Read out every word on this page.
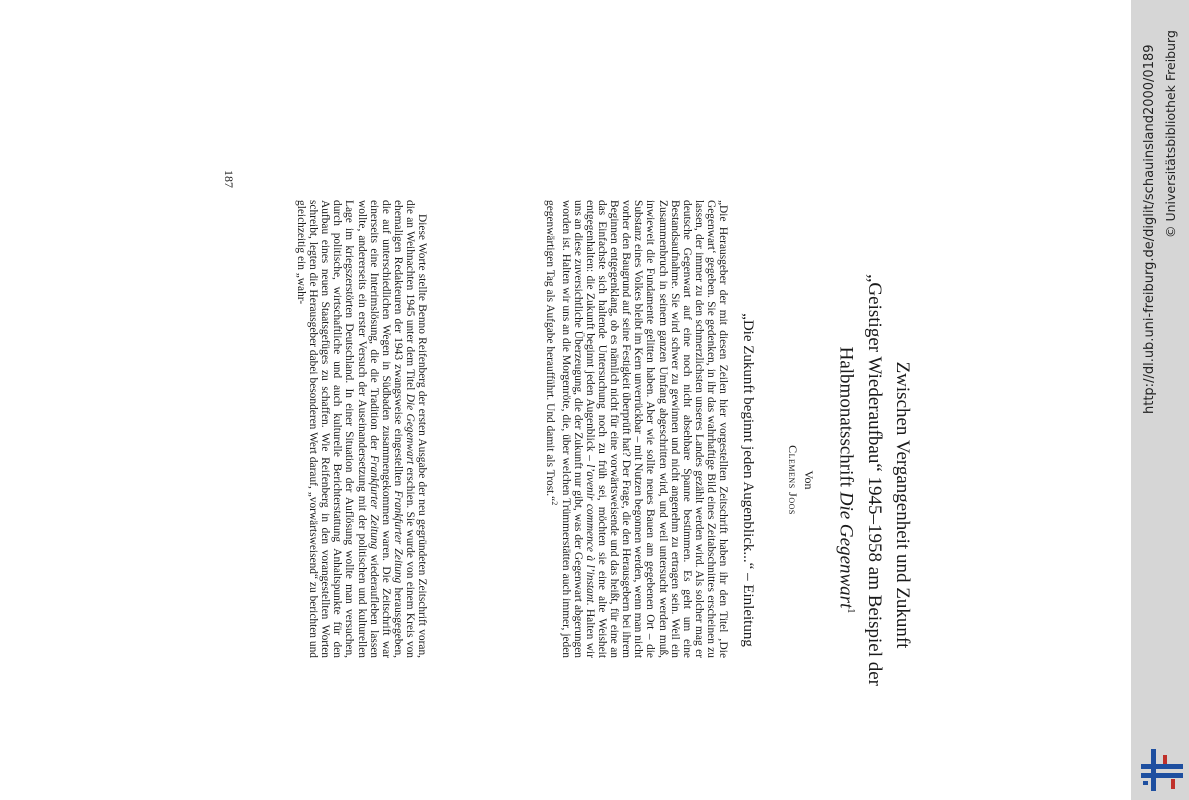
Zwischen Vergangenheit und Zukunft
„Geistiger Wiederaufbau“ 1945–1958 am Beispiel der
Halbmonatsschrift Die Gegenwart$^1$
Von
Clemens Joos
„Die Zukunft beginnt jeden Augenblick...“ – Einleitung

„Die Herausgeber der mit diesen Zeilen hier vorgestellten Zeitschrift haben ihr den Titel ‚Die Gegenwart‘ gegeben. Sie gedenken, in ihr das wahrhaftige Bild eines Zeitabschnittes erscheinen zu lassen, der immer zu den schmerzlichsten unseres Landes gezählt werden wird. Als solcher mag er deutsche Gegenwart auf eine noch nicht absehbare Spanne bestimmen. Es geht um eine Bestandsaufnahme. Sie wird schwer zu gewinnen und nicht angenehm zu ertragen sein. Weil ein Zusammenbruch in seinem ganzen Umfang abgeschritten wird, und weil untersucht werden muß, inwieweit die Fundamente gelitten haben. Aber wie sollte neues Bauen am gegebenen Ort – die Substanz eines Volkes bleibt im Kern unverrückbar – mit Nutzen begonnen werden, wenn man nicht vorher den Baugrund auf seine Festigkeit überprüft hat? Der Frage, die den Herausgebern bei ihrem Beginnen entgegenklang, ob es nämlich nicht für eine vorwärtsweisende und das heißt, für eine an das Einfachste sich haltende Untersuchung noch zu früh sei, möchten sie eine alte Weisheit entgegenhalten: die Zukunft beginnt jeden Augenblick – l’avenir commence à l’instant. Halten wir uns an diese zuversichtliche Überzeugung, die der Zukunft nur gibt, was der Gegenwart abgerungen worden ist. Halten wir uns an die Morgenröte, die, über welchen Trümmerstätten auch immer, jeden gegenwärtigen Tag als Aufgabe heraufführt. Und damit als Trost.“$^2$

Diese Worte stellte Benno Reifenberg der ersten Ausgabe der neu gegründeten Zeitschrift voran, die an Weihnachten 1945 unter dem Titel Die Gegenwart erschien. Sie wurde von einem Kreis von ehemaligen Redakteuren der 1943 zwangsweise eingestellten Frankfurter Zeitung herausgegeben, die auf unterschiedlichen Wegen in Südbaden zusammengekommen waren. Die Zeitschrift war einerseits eine Interimslösung, die die Tradition der Frankfurter Zeitung wiederaufleben lassen wollte, andererseits ein erster Versuch der Auseinandersetzung mit der politischen und kulturellen Lage im kriegszerstörten Deutschland. In einer Situation der Auflösung wollte man versuchen, durch politische, wirtschaftliche und auch kulturelle Berichterstattung Anhaltspunkte für den Aufbau eines neuen Staatsgefüges zu schaffen. Wie Reifenberg in den vorangestellten Worten schreibt, legten die Herausgeber dabei besonderen Wert darauf, „vorwärtsweisend“ zu berichten und gleichzeitig ein „wahr-

187	http://dl.ub.uni-freiburg.de/diglit/schauinsland2000/0189 © Universitätsbibliothek Freiburg
